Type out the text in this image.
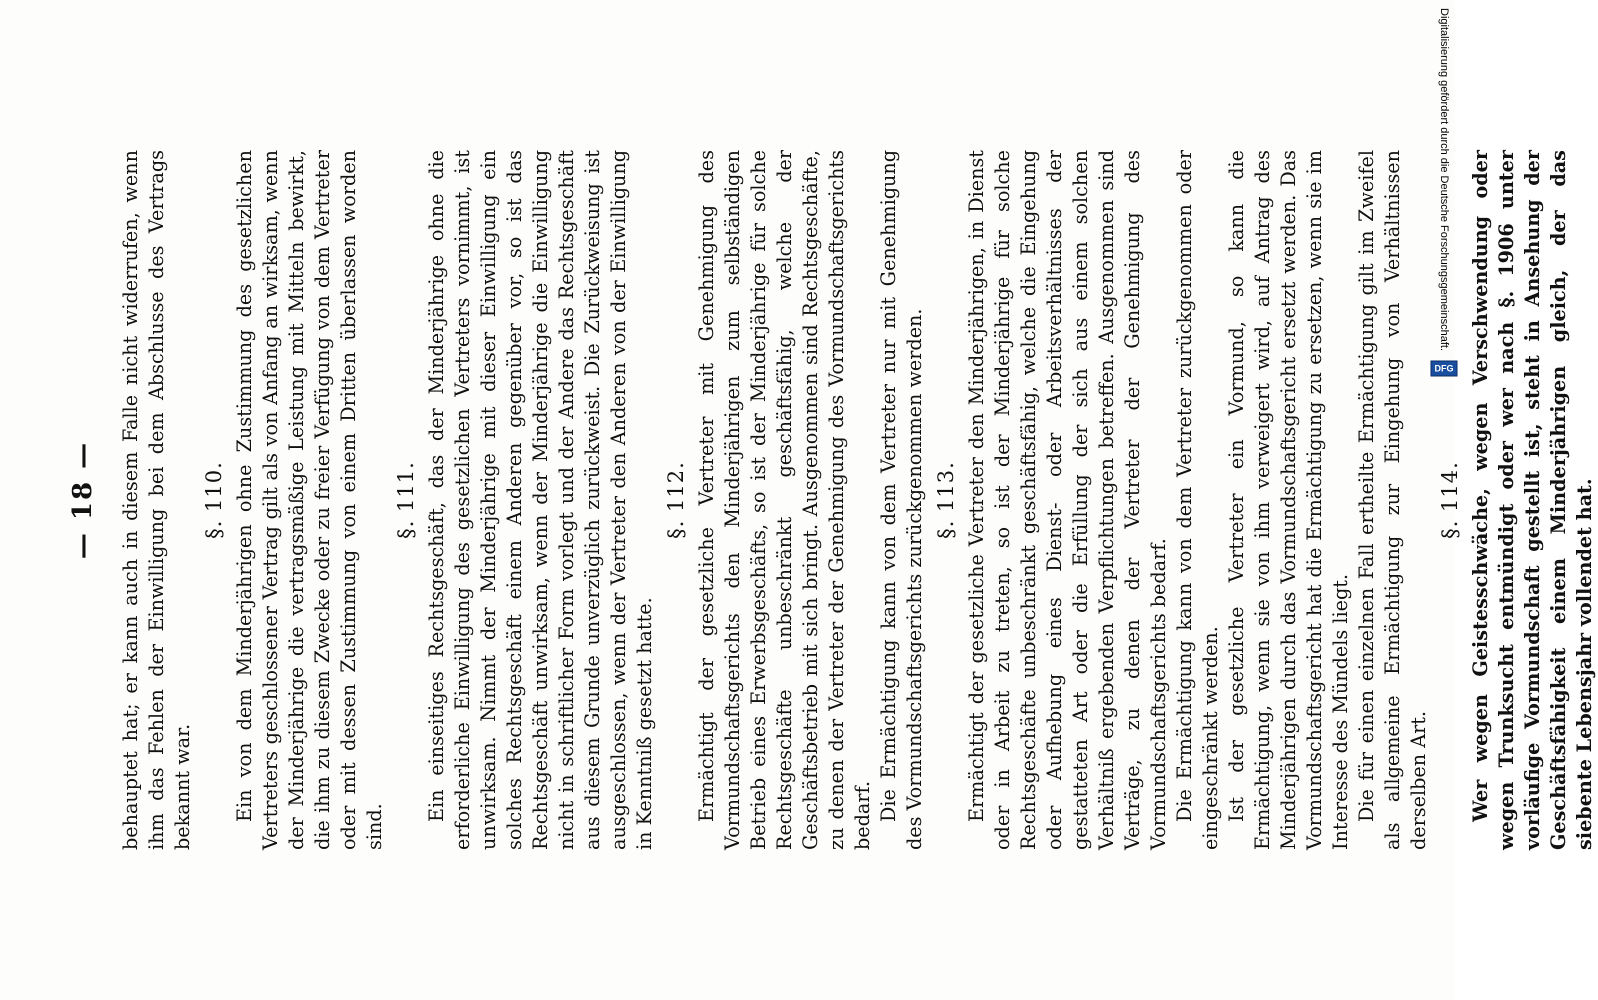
— 18 — behauptet hat; er kann auch in diesem Falle nicht widerrufen, wenn ihm das Fehlen der Einwilligung bei dem Abschlusse des Vertrags bekannt war.

§. 110. Ein von dem Minderjährigen ohne Zustimmung des gesetzlichen Vertreters geschlossener Vertrag gilt als von Anfang an wirksam, wenn der Minderjährige die vertragsmäßige Leistung mit Mitteln bewirkt, die ihm zu diesem Zwecke oder zu freier Verfügung von dem Vertreter oder mit dessen Zustimmung von einem Dritten überlassen worden sind.

§. 111. Ein einseitiges Rechtsgeschäft, das der Minderjährige ohne die erforderliche Einwilligung des gesetzlichen Vertreters vornimmt, ist unwirksam. Nimmt der Minderjährige mit dieser Einwilligung ein solches Rechtsgeschäft einem Anderen gegenüber vor, so ist das Rechtsgeschäft unwirksam, wenn der Minderjährige die Einwilligung nicht in schriftlicher Form vorlegt und der Andere das Rechtsgeschäft aus diesem Grunde unverzüglich zurückweist. Die Zurückweisung ist ausgeschlossen, wenn der Vertreter den Anderen von der Einwilligung in Kenntniß gesetzt hatte.

§. 112. Ermächtigt der gesetzliche Vertreter mit Genehmigung des Vormundschaftsgerichts den Minderjährigen zum selbständigen Betrieb eines Erwerbsgeschäfts, so ist der Minderjährige für solche Rechtsgeschäfte unbeschränkt geschäftsfähig, welche der Geschäftsbetrieb mit sich bringt. Ausgenommen sind Rechtsgeschäfte, zu denen der Vertreter der Genehmigung des Vormundschaftsgerichts bedarf. Die Ermächtigung kann von dem Vertreter nur mit Genehmigung des Vormundschaftsgerichts zurückgenommen werden. §. 113. Ermächtigt der gesetzliche Vertreter den Minderjährigen, in Dienst oder in Arbeit zu treten, so ist der Minderjährige für solche Rechtsgeschäfte unbeschränkt geschäftsfähig, welche die Eingehung oder Aufhebung eines Dienst- oder Arbeitsverhältnisses der gestatteten Art oder die Erfüllung der sich aus einem solchen Verhältniß ergebenden Verpflichtungen betreffen. Ausgenommen sind Verträge, zu denen der Vertreter der Genehmigung des Vormundschaftsgerichts bedarf. Die Ermächtigung kann von dem Vertreter zurückgenommen oder eingeschränkt werden. Ist der gesetzliche Vertreter ein Vormund, so kann die Ermächtigung, wenn sie von ihm verweigert wird, auf Antrag des Minderjährigen durch das Vormundschaftsgericht ersetzt werden. Das Vormundschaftsgericht hat die Ermächtigung zu ersetzen, wenn sie im Interesse des Mündels liegt. Die für einen einzelnen Fall ertheilte Ermächtigung gilt im Zweifel als allgemeine Ermächtigung zur Eingehung von Verhältnissen derselben Art.

§. 114. Wer wegen Geistesschwäche, wegen Verschwendung oder wegen Trunksucht entmündigt oder wer nach §. 1906 unter vorläufige Vormundschaft gestellt ist, steht in Ansehung der Geschäftsfähigkeit einem Minderjährigen gleich, der das siebente Lebensjahr vollendet hat.

Digitalisierung gefördert durch die Deutsche Forschungsgemeinschaft.
DFG
